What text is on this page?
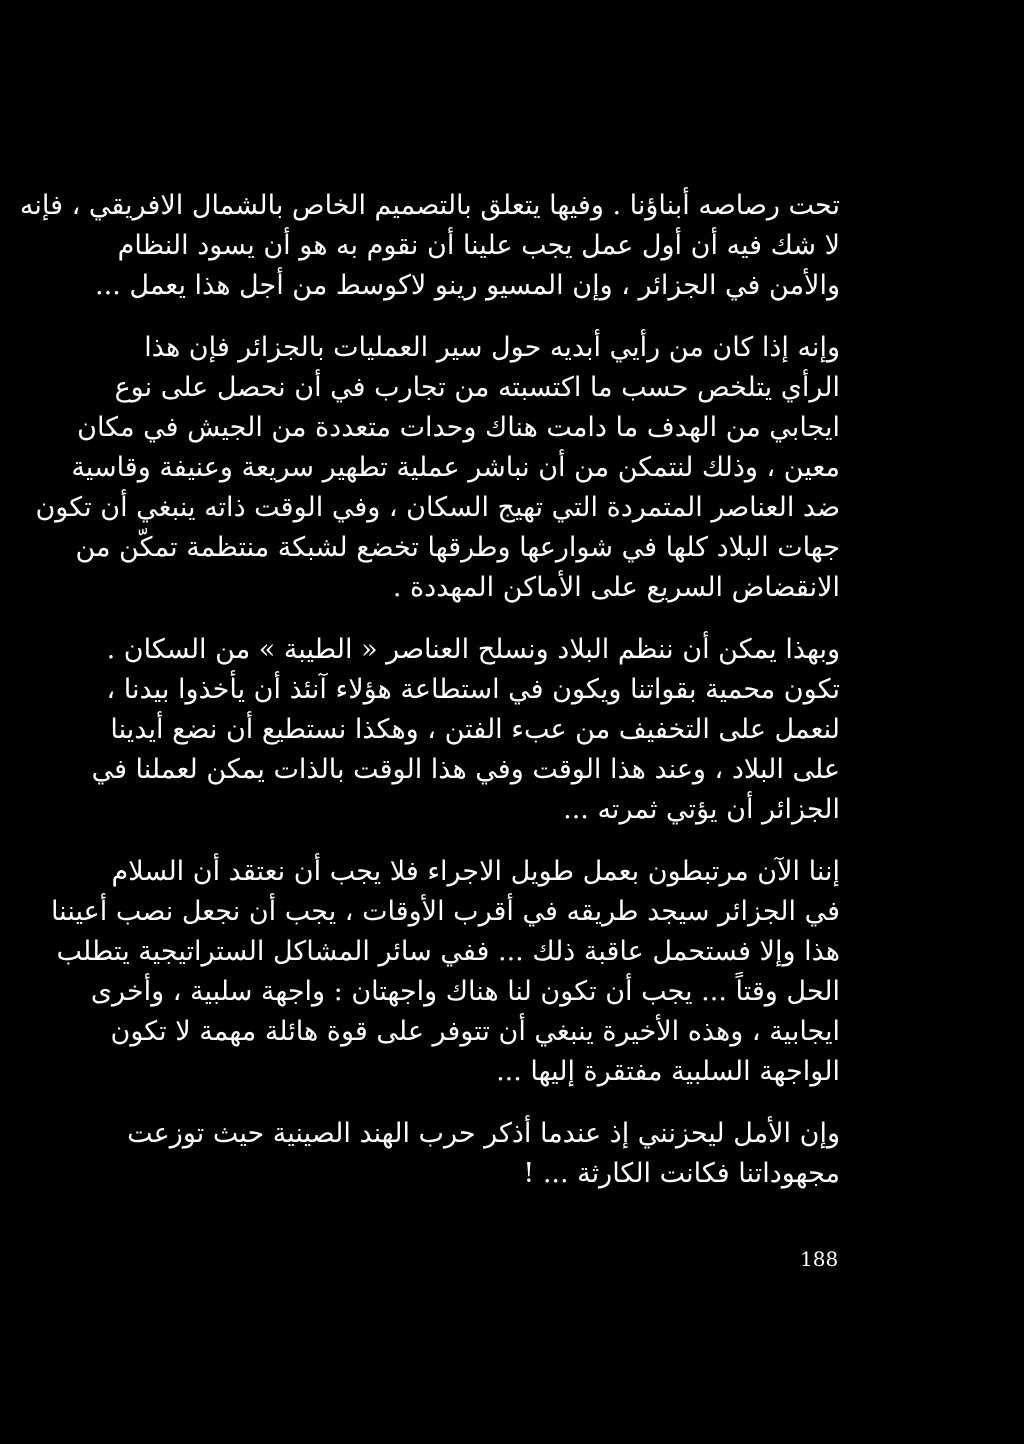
تحت رصاصه أبناؤنا . وفيها يتعلق بالتصميم الخاص بالشمال الافريقي ، فإنه
لا شك فيه أن أول عمل يجب علينا أن نقوم به هو أن يسود النظام
والأمن في الجزائر ، وإن المسيو رينو لاكوسط من أجل هذا يعمل ...
وإنه إذا كان من رأيي أبديه حول سير العمليات بالجزائر فإن هذا
الرأي يتلخص حسب ما اكتسبته من تجارب في أن نحصل على نوع
ايجابي من الهدف ما دامت هناك وحدات متعددة من الجيش في مكان
معين ، وذلك لنتمكن من أن نباشر عملية تطهير سريعة وعنيفة وقاسية
ضد العناصر المتمردة التي تهيج السكان ، وفي الوقت ذاته ينبغي أن تكون
جهات البلاد كلها في شوارعها وطرقها تخضع لشبكة منتظمة تمكّن من
الانقضاض السريع على الأماكن المهددة .
وبهذا يمكن أن ننظم البلاد ونسلح العناصر « الطيبة » من السكان .
تكون محمية بقواتنا ويكون في استطاعة هؤلاء آنئذ أن يأخذوا بيدنا ،
لنعمل على التخفيف من عبء الفتن ، وهكذا نستطيع أن نضع أيدينا
على البلاد ، وعند هذا الوقت وفي هذا الوقت بالذات يمكن لعملنا في
الجزائر أن يؤتي ثمرته ...
إننا الآن مرتبطون بعمل طويل الاجراء فلا يجب أن نعتقد أن السلام
في الجزائر سيجد طريقه في أقرب الأوقات ، يجب أن نجعل نصب أعيننا
هذا وإلا فستحمل عاقبة ذلك ... ففي سائر المشاكل الستراتيجية يتطلب
الحل وقتاً ... يجب أن تكون لنا هناك واجهتان : واجهة سلبية ، وأخرى
ايجابية ، وهذه الأخيرة ينبغي أن تتوفر على قوة هائلة مهمة لا تكون
الواجهة السلبية مفتقرة إليها ...
وإن الأمل ليحزنني إذ عندما أذكر حرب الهند الصينية حيث توزعت
مجهوداتنا فكانت الكارثة ... !
188
